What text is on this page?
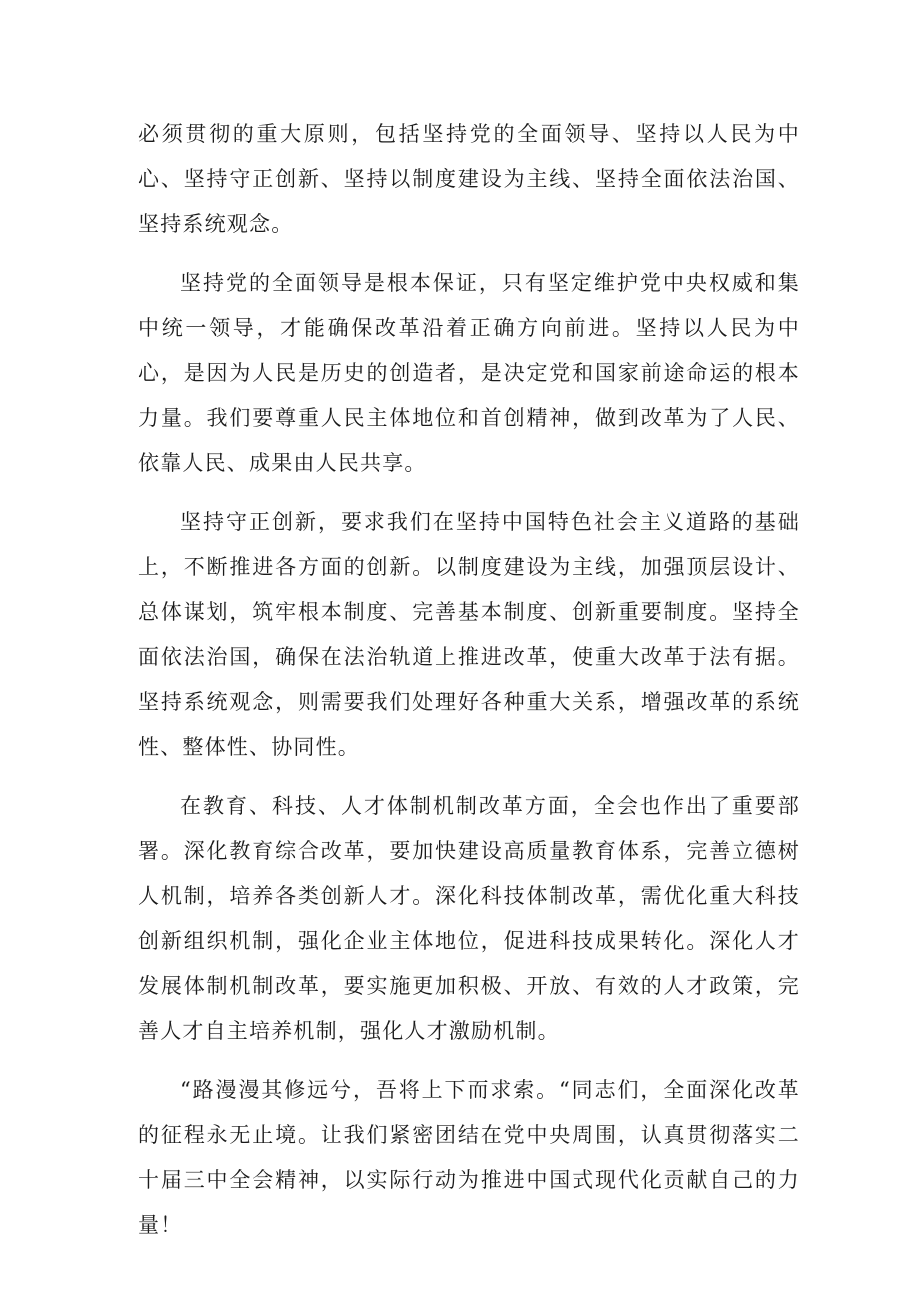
必须贯彻的重大原则，包括坚持党的全面领导、坚持以人民为中心、坚持守正创新、坚持以制度建设为主线、坚持全面依法治国、坚持系统观念。

坚持党的全面领导是根本保证，只有坚定维护党中央权威和集中统一领导，才能确保改革沿着正确方向前进。坚持以人民为中心，是因为人民是历史的创造者，是决定党和国家前途命运的根本力量。我们要尊重人民主体地位和首创精神，做到改革为了人民、依靠人民、成果由人民共享。

坚持守正创新，要求我们在坚持中国特色社会主义道路的基础上，不断推进各方面的创新。以制度建设为主线，加强顶层设计、总体谋划，筑牢根本制度、完善基本制度、创新重要制度。坚持全面依法治国，确保在法治轨道上推进改革，使重大改革于法有据。坚持系统观念，则需要我们处理好各种重大关系，增强改革的系统性、整体性、协同性。

在教育、科技、人才体制机制改革方面，全会也作出了重要部署。深化教育综合改革，要加快建设高质量教育体系，完善立德树人机制，培养各类创新人才。深化科技体制改革，需优化重大科技创新组织机制，强化企业主体地位，促进科技成果转化。深化人才发展体制机制改革，要实施更加积极、开放、有效的人才政策，完善人才自主培养机制，强化人才激励机制。

“路漫漫其修远兮，吾将上下而求索。“同志们，全面深化改革的征程永无止境。让我们紧密团结在党中央周围，认真贯彻落实二十届三中全会精神，以实际行动为推进中国式现代化贡献自己的力量！
